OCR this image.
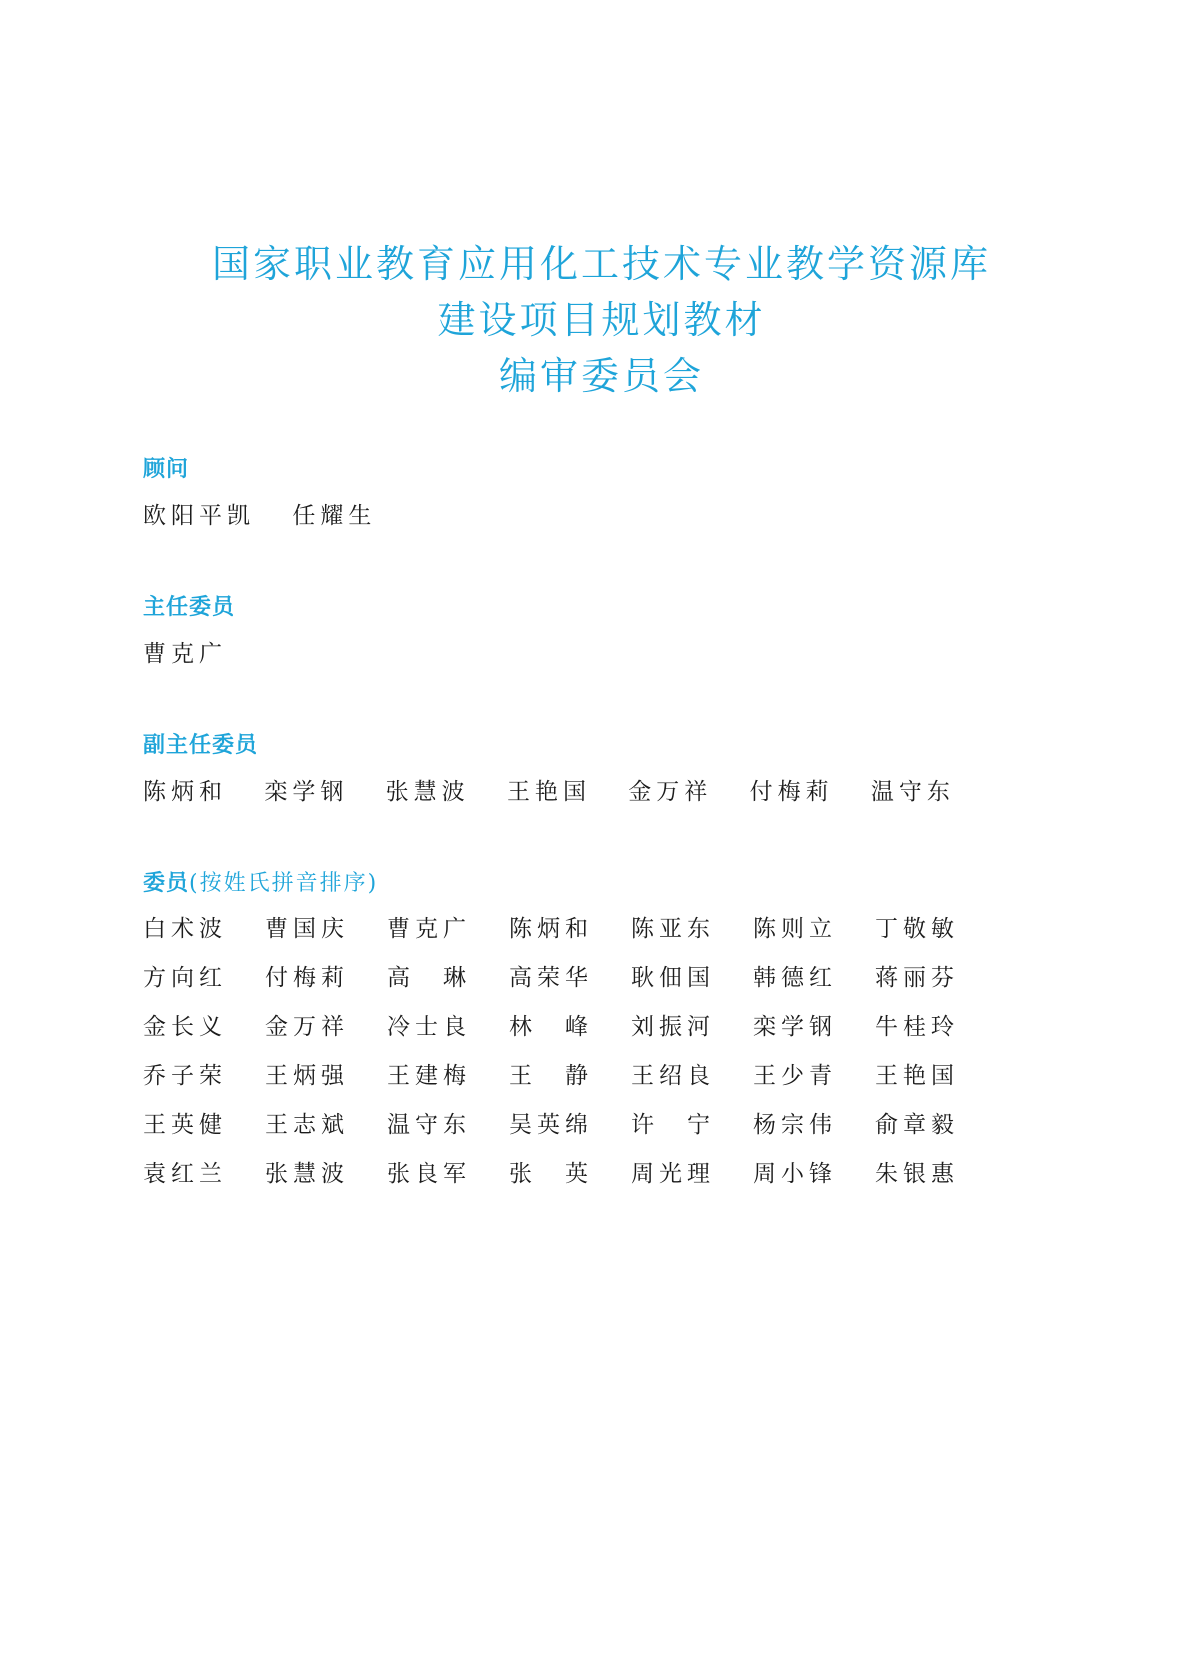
国家职业教育应用化工技术专业教学资源库
建设项目规划教材
编审委员会
顾问
欧阳平凯 任耀生
主任委员
曹克广
副主任委员
陈炳和 栾学钢 张慧波 王艳国 金万祥 付梅莉 温守东
委员(按姓氏拼音排序)
白术波 曹国庆 曹克广 陈炳和 陈亚东 陈则立 丁敬敏
方向红 付梅莉 高　琳 高荣华 耿佃国 韩德红 蒋丽芬
金长义 金万祥 冷士良 林　峰 刘振河 栾学钢 牛桂玲
乔子荣 王炳强 王建梅 王　静 王绍良 王少青 王艳国
王英健 王志斌 温守东 吴英绵 许　宁 杨宗伟 俞章毅
袁红兰 张慧波 张良军 张　英 周光理 周小锋 朱银惠
